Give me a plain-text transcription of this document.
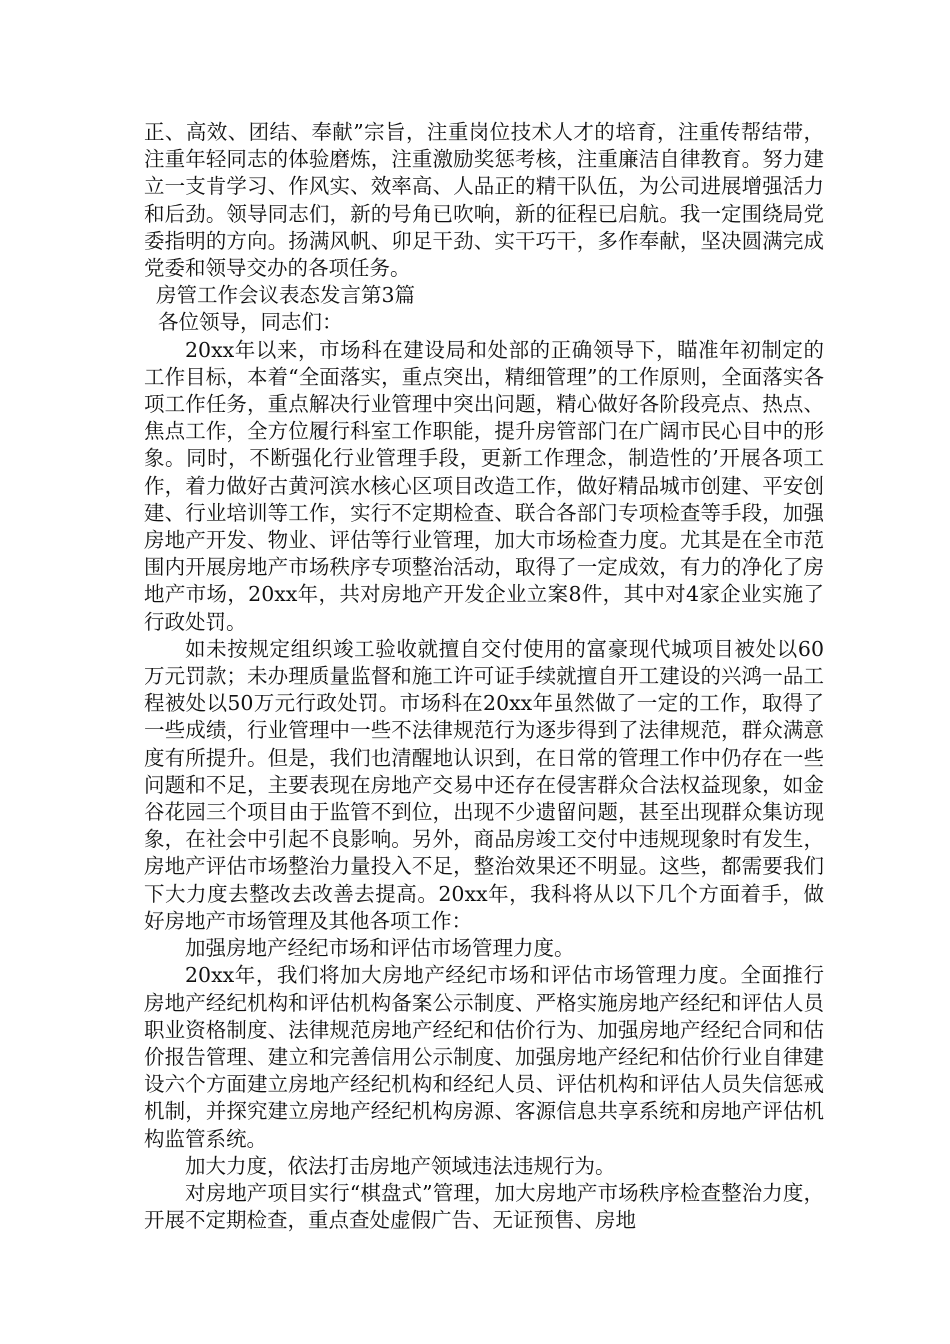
正、高效、团结、奉献”宗旨，注重岗位技术人才的培育，注重传帮结带，注重年轻同志的体验磨炼，注重激励奖惩考核，注重廉洁自律教育。努力建立一支肯学习、作风实、效率高、人品正的精干队伍，为公司进展增强活力和后劲。领导同志们，新的号角已吹响，新的征程已启航。我一定围绕局党委指明的方向。扬满风帆、卯足干劲、实干巧干，多作奉献，坚决圆满完成党委和领导交办的各项任务。

房管工作会议表态发言第3篇

各位领导，同志们：

20xx年以来，市场科在建设局和处部的正确领导下，瞄准年初制定的工作目标，本着“全面落实，重点突出，精细管理”的工作原则，全面落实各项工作任务，重点解决行业管理中突出问题，精心做好各阶段亮点、热点、焦点工作，全方位履行科室工作职能，提升房管部门在广阔市民心目中的形象。同时，不断强化行业管理手段，更新工作理念，制造性的’开展各项工作，着力做好古黄河滨水核心区项目改造工作，做好精品城市创建、平安创建、行业培训等工作，实行不定期检查、联合各部门专项检查等手段，加强房地产开发、物业、评估等行业管理，加大市场检查力度。尤其是在全市范围内开展房地产市场秩序专项整治活动，取得了一定成效，有力的净化了房地产市场，20xx年，共对房地产开发企业立案8件，其中对4家企业实施了行政处罚。

如未按规定组织竣工验收就擅自交付使用的富豪现代城项目被处以60万元罚款；未办理质量监督和施工许可证手续就擅自开工建设的兴鸿一品工程被处以50万元行政处罚。市场科在20xx年虽然做了一定的工作，取得了一些成绩，行业管理中一些不法律规范行为逐步得到了法律规范，群众满意度有所提升。但是，我们也清醒地认识到，在日常的管理工作中仍存在一些问题和不足，主要表现在房地产交易中还存在侵害群众合法权益现象，如金谷花园三个项目由于监管不到位，出现不少遗留问题，甚至出现群众集访现象，在社会中引起不良影响。另外，商品房竣工交付中违规现象时有发生，房地产评估市场整治力量投入不足，整治效果还不明显。这些，都需要我们下大力度去整改去改善去提高。20xx年，我科将从以下几个方面着手，做好房地产市场管理及其他各项工作：

加强房地产经纪市场和评估市场管理力度。

20xx年，我们将加大房地产经纪市场和评估市场管理力度。全面推行房地产经纪机构和评估机构备案公示制度、严格实施房地产经纪和评估人员职业资格制度、法律规范房地产经纪和估价行为、加强房地产经纪合同和估价报告管理、建立和完善信用公示制度、加强房地产经纪和估价行业自律建设六个方面建立房地产经纪机构和经纪人员、评估机构和评估人员失信惩戒机制，并探究建立房地产经纪机构房源、客源信息共享系统和房地产评估机构监管系统。

加大力度，依法打击房地产领域违法违规行为。

对房地产项目实行“棋盘式”管理，加大房地产市场秩序检查整治力度，开展不定期检查，重点查处虚假广告、无证预售、房地
